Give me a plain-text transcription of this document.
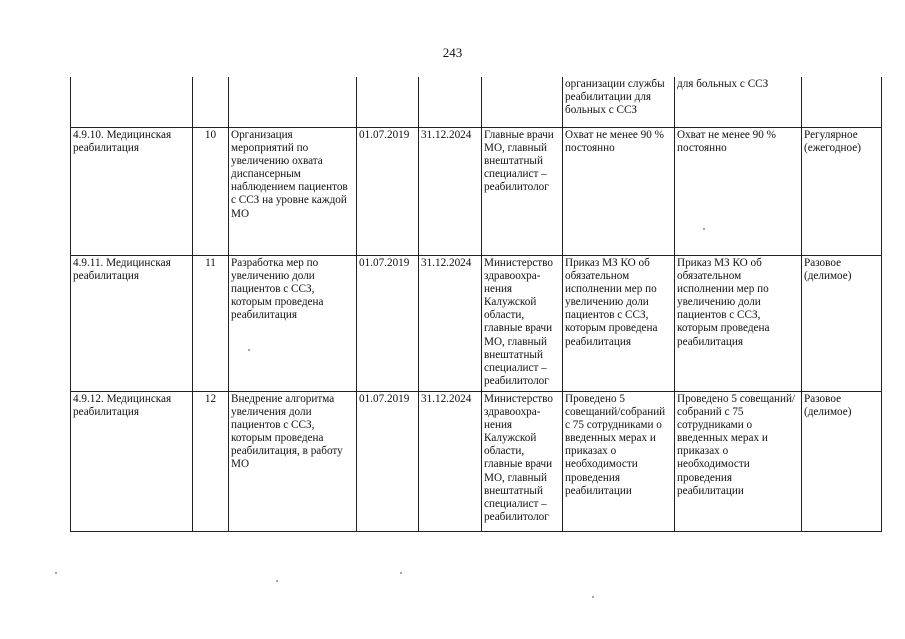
243
						организации службы реабилитации для больных с ССЗ	для больных с ССЗ	
4.9.10. Медицинская реабилитация	10	Организация мероприятий по увеличению охвата диспансерным наблюдением пациентов с ССЗ на уровне каждой МО	01.07.2019	31.12.2024	Главные врачи МО, главный внештатный специалист – реабилитолог	Охват не менее 90 % постоянно	Охват не менее 90 % постоянно	Регулярное (ежегодное)
4.9.11. Медицинская реабилитация	11	Разработка мер по увеличению доли пациентов с ССЗ, которым проведена реабилитация	01.07.2019	31.12.2024	Министерство здравоохра-нения Калужской области, главные врачи МО, главный внештатный специалист – реабилитолог	Приказ МЗ КО об обязательном исполнении мер по увеличению доли пациентов с ССЗ, которым проведена реабилитация	Приказ МЗ КО об обязательном исполнении мер по увеличению доли пациентов с ССЗ, которым проведена реабилитация	Разовое (делимое)
4.9.12. Медицинская реабилитация	12	Внедрение алгоритма увеличения доли пациентов с ССЗ, которым проведена реабилитация, в работу МО	01.07.2019	31.12.2024	Министерство здравоохра-нения Калужской области, главные врачи МО, главный внештатный специалист – реабилитолог	Проведено 5 совещаний/собраний с 75 сотрудниками о введенных мерах и приказах о необходимости проведения реабилитации	Проведено 5 совещаний/собраний с 75 сотрудниками о введенных мерах и приказах о необходимости проведения реабилитации	Разовое (делимое)
